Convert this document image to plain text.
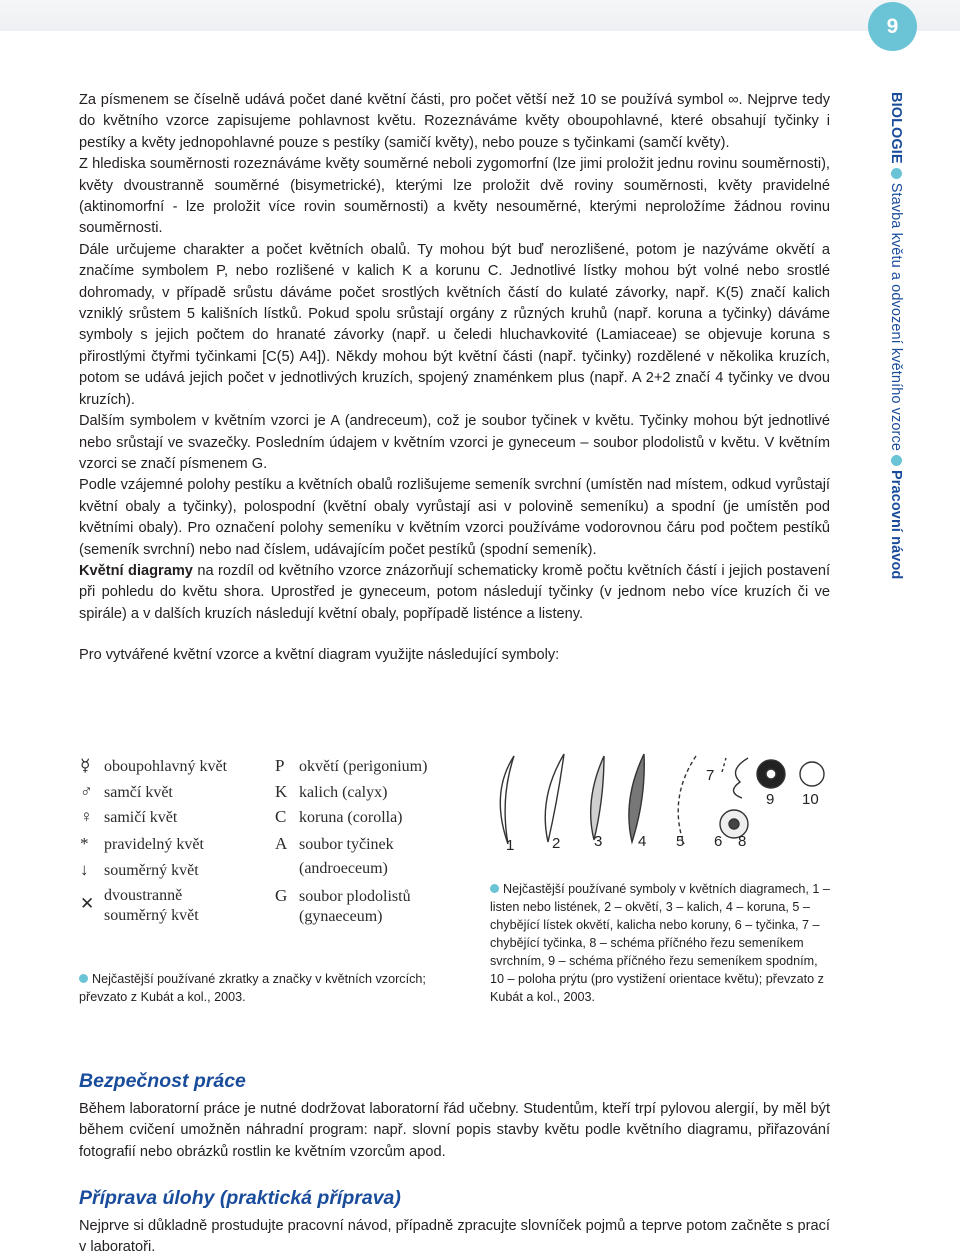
9
BIOLOGIEStavba květu a odvození květního vzorcePracovní návod

Za písmenem se číselně udává počet dané květní části, pro počet větší než 10 se používá symbol ∞. Nejprve tedy do květního vzorce zapisujeme pohlavnost květu. Rozeznáváme květy oboupohlavné, které obsahují tyčinky i pestíky a květy jednopohlavné pouze s pestíky (samičí květy), nebo pouze s tyčinkami (samčí květy).

Z hlediska souměrnosti rozeznáváme květy souměrné neboli zygomorfní (lze jimi proložit jednu rovinu souměrnosti), květy dvoustranně souměrné (bisymetrické), kterými lze proložit dvě roviny souměrnosti, květy pravidelné (aktinomorfní - lze proložit více rovin souměrnosti) a květy nesouměrné, kterými neproložíme žádnou rovinu souměrnosti.

Dále určujeme charakter a počet květních obalů. Ty mohou být buď nerozlišené, potom je nazýváme okvětí a značíme symbolem P, nebo rozlišené v kalich K a korunu C. Jednotlivé lístky mohou být volné nebo srostlé dohromady, v případě srůstu dáváme počet srostlých květních částí do kulaté závorky, např. K(5) značí kalich vzniklý srůstem 5 kališních lístků. Pokud spolu srůstají orgány z různých kruhů (např. koruna a tyčinky) dáváme symboly s jejich počtem do hranaté závorky (např. u čeledi hluchavkovité (Lamiaceae) se objevuje koruna s přirostlými čtyřmi tyčinkami [C(5) A4]). Někdy mohou být květní části (např. tyčinky) rozdělené v několika kruzích, potom se udává jejich počet v jednotlivých kruzích, spojený znaménkem plus (např. A 2+2 značí 4 tyčinky ve dvou kruzích).

Dalším symbolem v květním vzorci je A (andreceum), což je soubor tyčinek v květu. Tyčinky mohou být jednotlivé nebo srůstají ve svazečky. Posledním údajem v květním vzorci je gyneceum – soubor plodolistů v květu. V květním vzorci se značí písmenem G.

Podle vzájemné polohy pestíku a květních obalů rozlišujeme semeník svrchní (umístěn nad místem, odkud vyrůstají květní obaly a tyčinky), polospodní (květní obaly vyrůstají asi v polovině semeníku) a spodní (je umístěn pod květními obaly). Pro označení polohy semeníku v květním vzorci používáme vodorovnou čáru pod počtem pestíků (semeník svrchní) nebo nad číslem, udávajícím počet pestíků (spodní semeník).

Květní diagramy na rozdíl od květního vzorce znázorňují schematicky kromě počtu květních částí i jejich postavení při pohledu do květu shora. Uprostřed je gyneceum, potom následují tyčinky (v jednom nebo více kruzích či ve spirále) a v dalších kruzích následují květní obaly, popřípadě listénce a listeny.

Pro vytvářené květní vzorce a květní diagram využijte následující symboly:

☿ oboupohlavný květ
♂ samčí květ
♀ samičí květ
* pravidelný květ
↓ souměrný květ
✕ dvoustranně souměrný květ
P okvětí (perigonium)
K kalich (calyx)
C koruna (corolla)
A soubor tyčinek
(androeceum)
G soubor plodolistů
(gynaeceum)
Nejčastější používané zkratky a značky v květních vzorcích; převzato z Kubát a kol., 2003.
1	2 3 4 5 6
7
8
9 10
Nejčastější používané symboly v květních diagramech, 1 – listen nebo listének, 2 – okvětí, 3 – kalich, 4 – koruna, 5 – chybějící lístek okvětí, kalicha nebo koruny, 6 – tyčinka, 7 – chybějící tyčinka, 8 – schéma příčného řezu semeníkem svrchním, 9 – schéma příčného řezu semeníkem spodním, 10 – poloha prýtu (pro vystižení orientace květu); převzato z Kubát a kol., 2003.
Bezpečnost práce

Během laboratorní práce je nutné dodržovat laboratorní řád učebny. Studentům, kteří trpí pylovou alergií, by měl být během cvičení umožněn náhradní program: např. slovní popis stavby květu podle květního diagramu, přiřazování fotografií nebo obrázků rostlin ke květním vzorcům apod.

Příprava úlohy (praktická příprava)

Nejprve si důkladně prostudujte pracovní návod, případně zpracujte slovníček pojmů a teprve potom začněte s prací v laboratoři.
